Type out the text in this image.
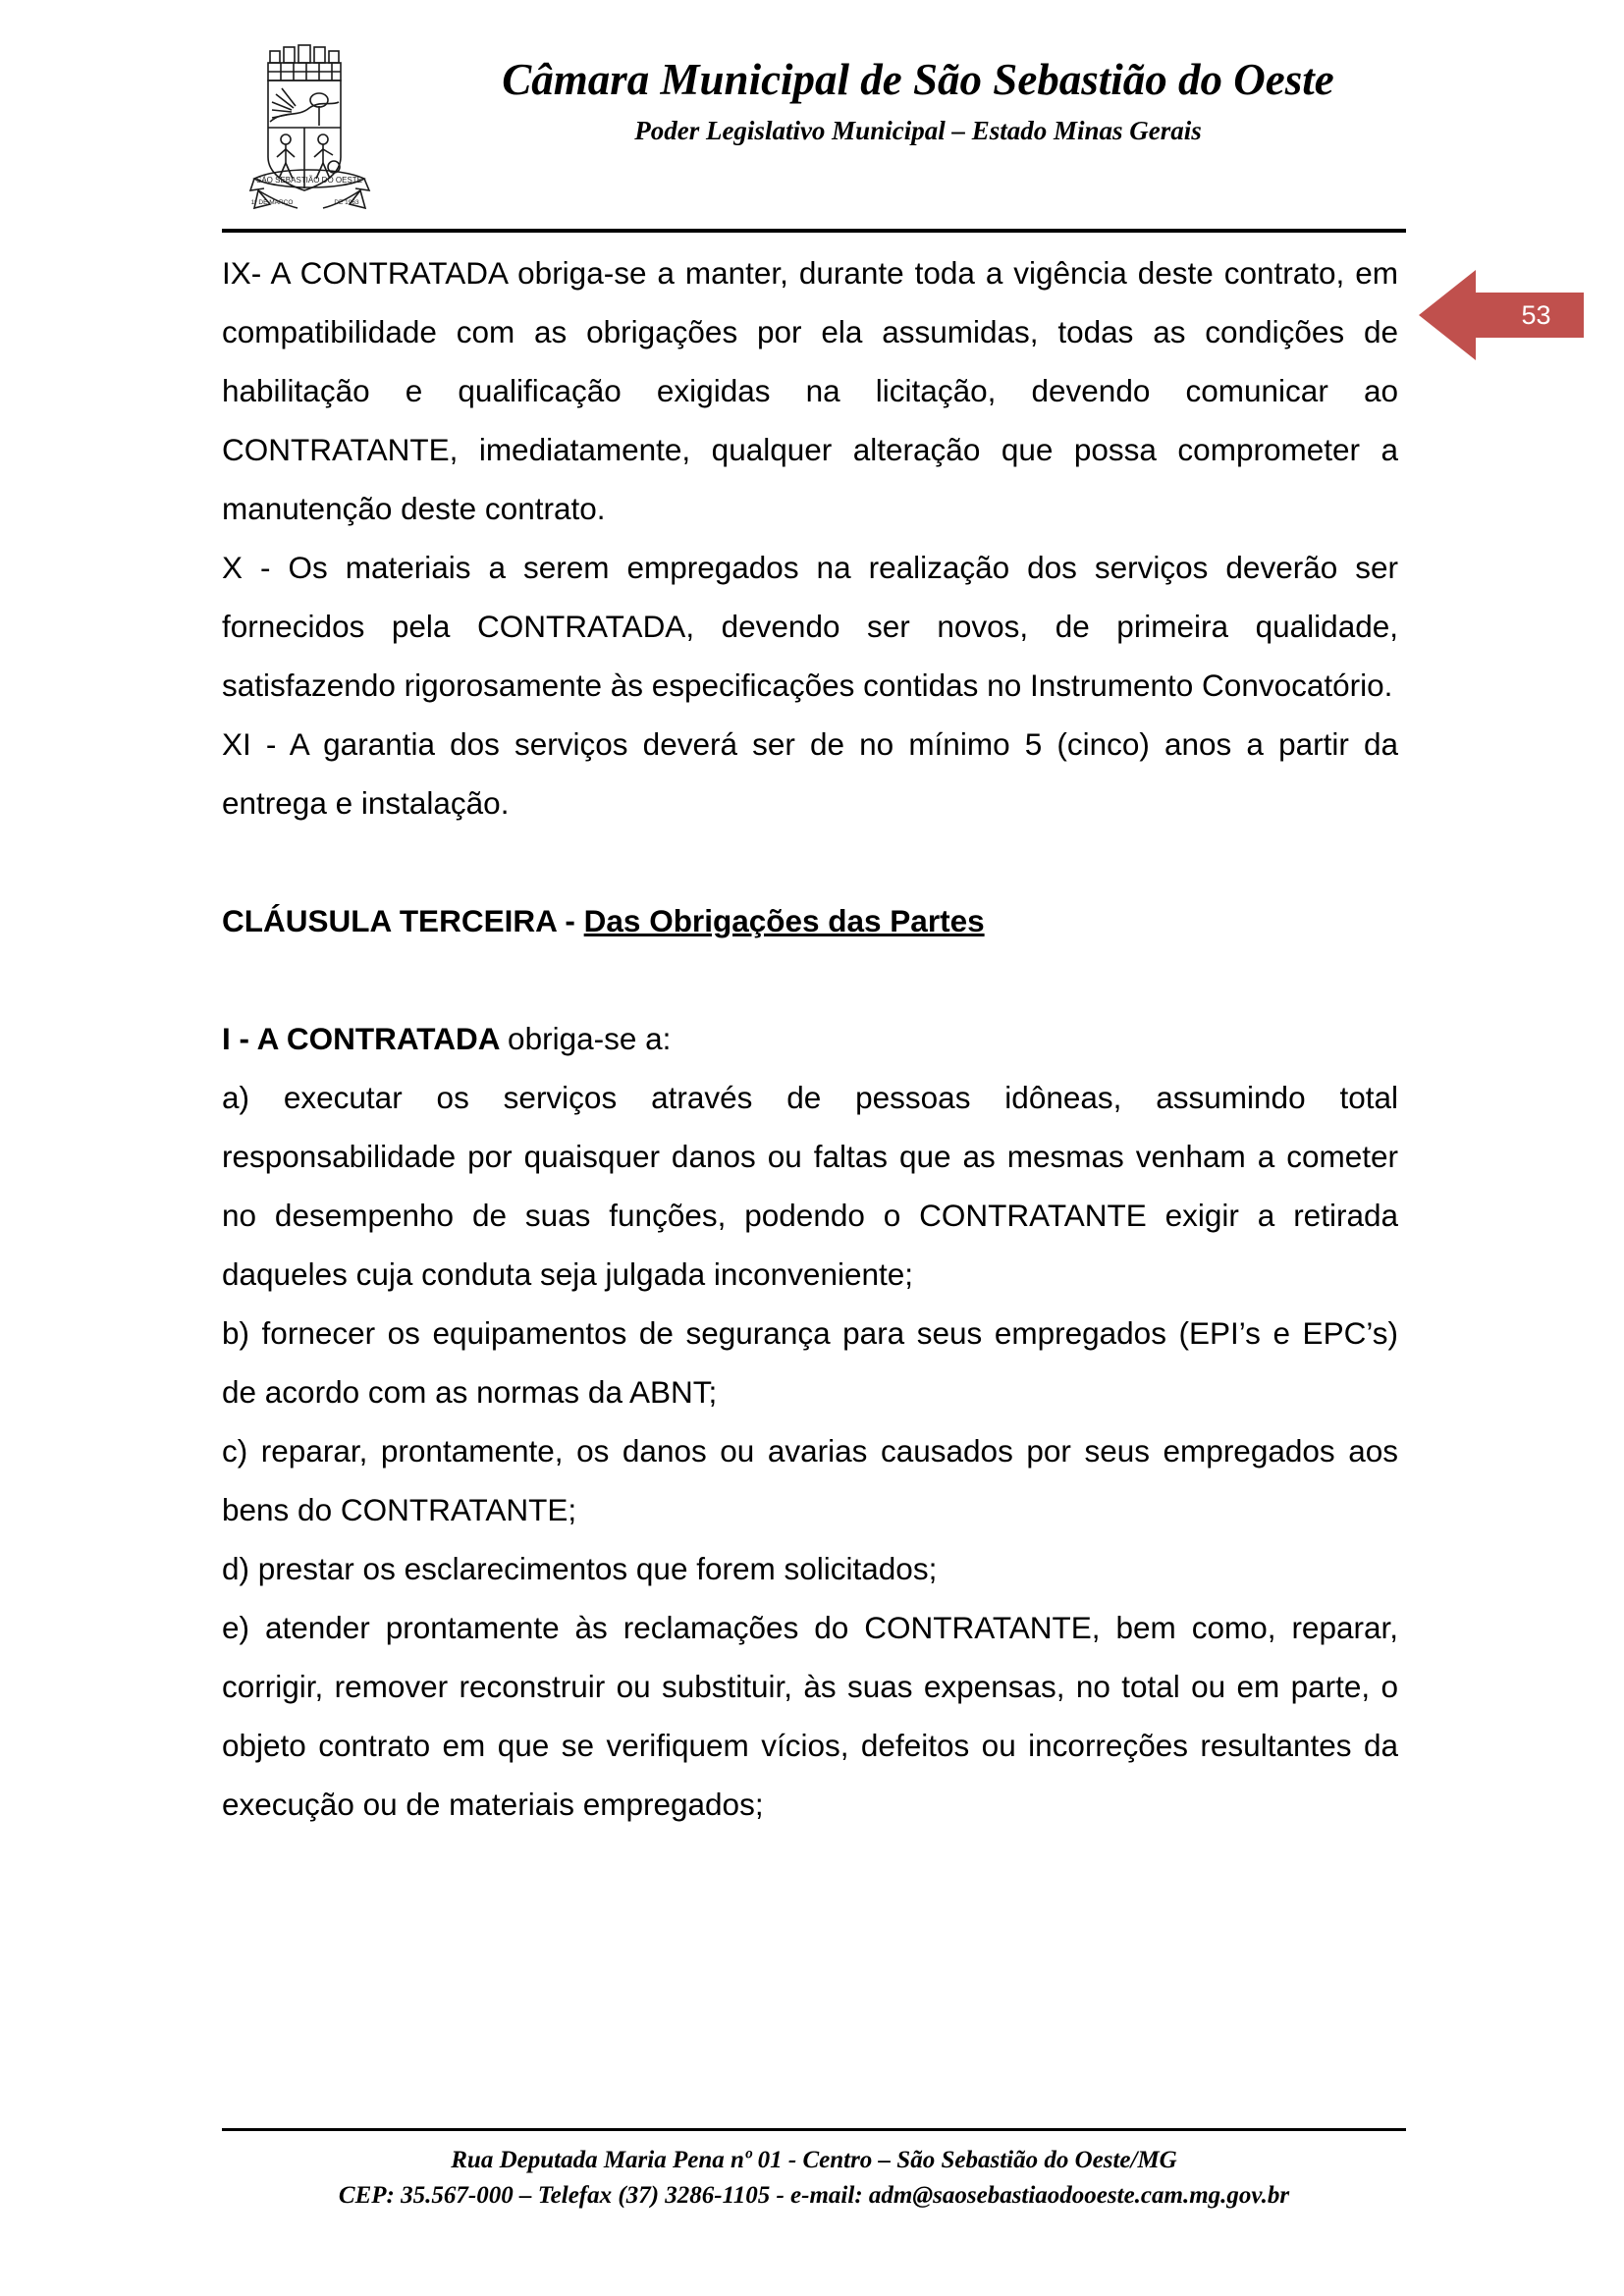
SÃO SEBASTIÃO DO OESTE
1º DE MARÇO	DE 1963
Câmara Municipal de São Sebastião do Oeste
Poder Legislativo Municipal – Estado Minas Gerais
53

IX- A CONTRATADA obriga-se a manter, durante toda a vigência deste contrato, em compatibilidade com as obrigações por ela assumidas, todas as condições de habilitação e qualificação exigidas na licitação, devendo comunicar ao CONTRATANTE, imediatamente, qualquer alteração que possa comprometer a manutenção deste contrato.

X - Os materiais a serem empregados na realização dos serviços deverão ser fornecidos pela CONTRATADA, devendo ser novos, de primeira qualidade, satisfazendo rigorosamente às especificações contidas no Instrumento Convocatório.

XI - A garantia dos serviços deverá ser de no mínimo 5 (cinco) anos a partir da entrega e instalação.

CLÁUSULA TERCEIRA - Das Obrigações das Partes

I - A CONTRATADA obriga-se a:

a) executar os serviços através de pessoas idôneas, assumindo total responsabilidade por quaisquer danos ou faltas que as mesmas venham a cometer no desempenho de suas funções, podendo o CONTRATANTE exigir a retirada daqueles cuja conduta seja julgada inconveniente;

b) fornecer os equipamentos de segurança para seus empregados (EPI’s e EPC’s) de acordo com as normas da ABNT;

c) reparar, prontamente, os danos ou avarias causados por seus empregados aos bens do CONTRATANTE;

d) prestar os esclarecimentos que forem solicitados;

e) atender prontamente às reclamações do CONTRATANTE, bem como, reparar, corrigir, remover reconstruir ou substituir, às suas expensas, no total ou em parte, o objeto contrato em que se verifiquem vícios, defeitos ou incorreções resultantes da execução ou de materiais empregados;

Rua Deputada Maria Pena nº 01 - Centro – São Sebastião do Oeste/MG
CEP: 35.567-000 – Telefax (37) 3286-1105 - e-mail: adm@saosebastiaodooeste.cam.mg.gov.br
